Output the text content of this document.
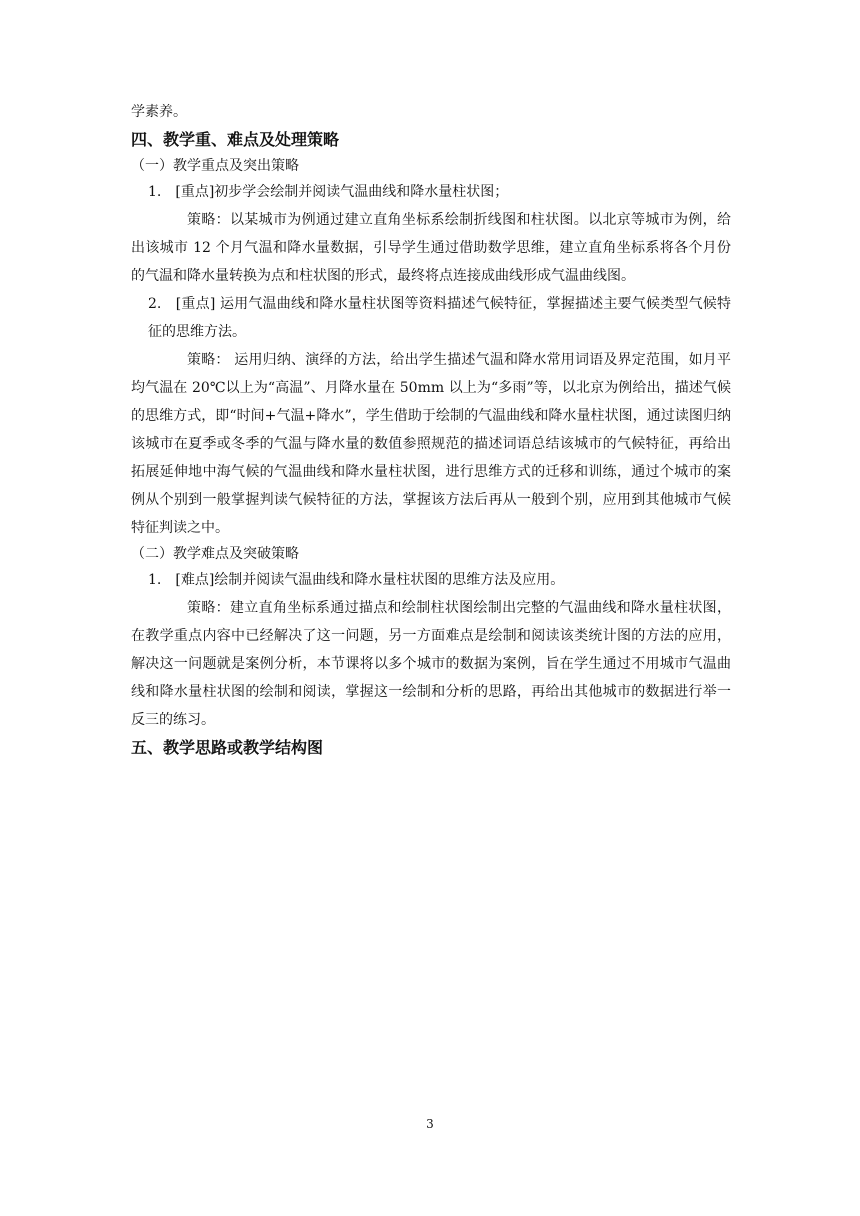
学素养。
四、教学重、难点及处理策略
（一）教学重点及突出策略
1.　[重点]初步学会绘制并阅读气温曲线和降水量柱状图；
策略：以某城市为例通过建立直角坐标系绘制折线图和柱状图。以北京等城市为例，给出该城市 12 个月气温和降水量数据，引导学生通过借助数学思维，建立直角坐标系将各个月份的气温和降水量转换为点和柱状图的形式，最终将点连接成曲线形成气温曲线图。
2.　[重点] 运用气温曲线和降水量柱状图等资料描述气候特征，掌握描述主要气候类型气候特征的思维方法。
策略： 运用归纳、演绎的方法，给出学生描述气温和降水常用词语及界定范围，如月平均气温在 20℃以上为“高温”、月降水量在 50mm 以上为“多雨”等，以北京为例给出，描述气候的思维方式，即“时间+气温+降水”，学生借助于绘制的气温曲线和降水量柱状图，通过读图归纳该城市在夏季或冬季的气温与降水量的数值参照规范的描述词语总结该城市的气候特征，再给出拓展延伸地中海气候的气温曲线和降水量柱状图，进行思维方式的迁移和训练，通过个城市的案例从个别到一般掌握判读气候特征的方法，掌握该方法后再从一般到个别，应用到其他城市气候特征判读之中。
（二）教学难点及突破策略
1.　[难点]绘制并阅读气温曲线和降水量柱状图的思维方法及应用。
策略：建立直角坐标系通过描点和绘制柱状图绘制出完整的气温曲线和降水量柱状图，在教学重点内容中已经解决了这一问题，另一方面难点是绘制和阅读该类统计图的方法的应用，解决这一问题就是案例分析，本节课将以多个城市的数据为案例，旨在学生通过不用城市气温曲线和降水量柱状图的绘制和阅读，掌握这一绘制和分析的思路，再给出其他城市的数据进行举一反三的练习。
五、教学思路或教学结构图
3
